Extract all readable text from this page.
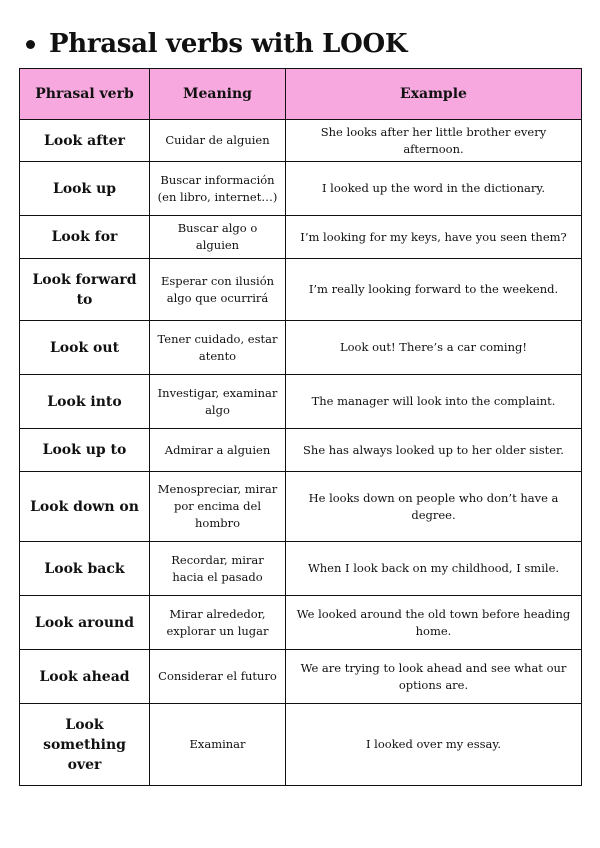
Phrasal verbs with LOOK
Phrasal verb	Meaning	Example
Look after	Cuidar de alguien	She looks after her little brother every afternoon.
Look up	Buscar información (en libro, internet…)	I looked up the word in the dictionary.
Look for	Buscar algo o alguien	I’m looking for my keys, have you seen them?
Look forward to	Esperar con ilusión algo que ocurrirá	I’m really looking forward to the weekend.
Look out	Tener cuidado, estar atento	Look out! There’s a car coming!
Look into	Investigar, examinar algo	The manager will look into the complaint.
Look up to	Admirar a alguien	She has always looked up to her older sister.
Look down on	Menospreciar, mirar por encima del hombro	He looks down on people who don’t have a degree.
Look back	Recordar, mirar hacia el pasado	When I look back on my childhood, I smile.
Look around	Mirar alrededor, explorar un lugar	We looked around the old town before heading home.
Look ahead	Considerar el futuro	We are trying to look ahead and see what our options are.
Look something over	Examinar	I looked over my essay.
